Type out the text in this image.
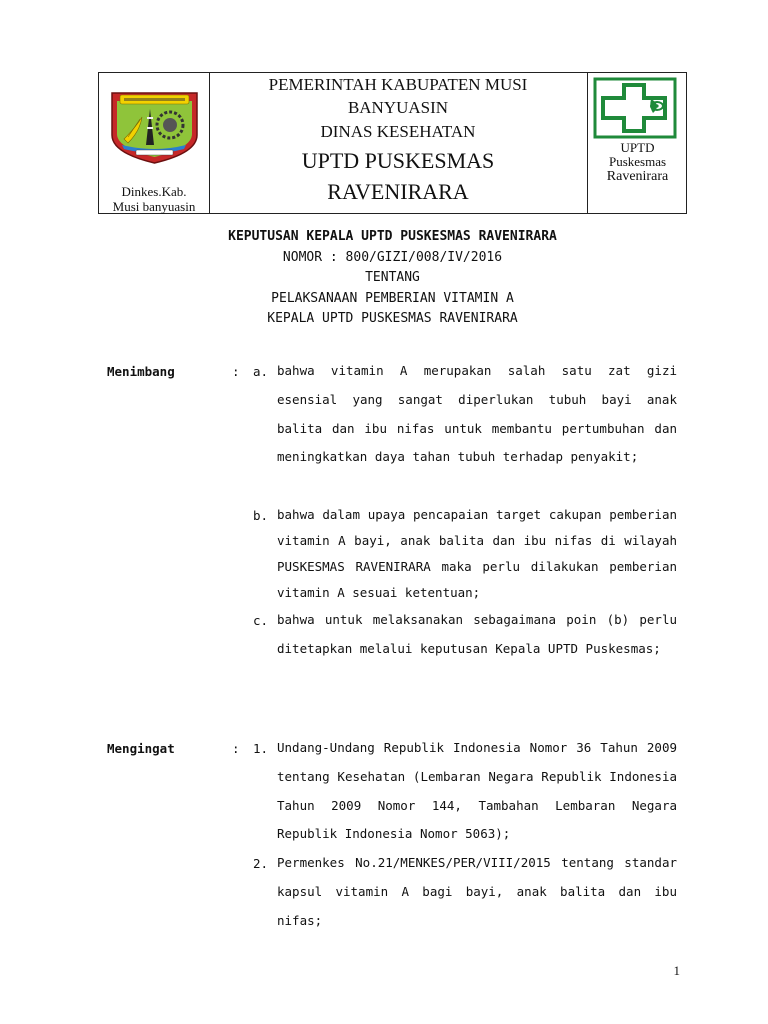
Dinkes.Kab.
Musi banyuasin
PEMERINTAH KABUPATEN MUSI
BANYUASIN
DINAS KESEHATAN
UPTD PUSKESMAS
RAVENIRARA
UPTD
Puskesmas
Ravenirara
KEPUTUSAN KEPALA UPTD PUSKESMAS RAVENIRARA
NOMOR : 800/GIZI/008/IV/2016
TENTANG
PELAKSANAAN PEMBERIAN VITAMIN A
KEPALA UPTD PUSKESMAS RAVENIRARA
Menimbang	: a. bahwa vitamin A merupakan salah satu zat gizi esensial yang sangat diperlukan tubuh bayi anak balita dan ibu nifas untuk membantu pertumbuhan dan meningkatkan daya tahan tubuh terhadap penyakit;
b. bahwa dalam upaya pencapaian target cakupan pemberian vitamin A bayi, anak balita dan ibu nifas di wilayah PUSKESMAS RAVENIRARA maka perlu dilakukan pemberian vitamin A sesuai ketentuan;
c. bahwa untuk melaksanakan sebagaimana poin (b) perlu ditetapkan melalui keputusan Kepala UPTD Puskesmas;
Mengingat	: 1. Undang-Undang Republik Indonesia Nomor 36 Tahun 2009 tentang Kesehatan (Lembaran Negara Republik Indonesia Tahun 2009 Nomor 144, Tambahan Lembaran Negara Republik Indonesia Nomor 5063);
2. Permenkes No.21/MENKES/PER/VIII/2015 tentang standar kapsul vitamin A bagi bayi, anak balita dan ibu nifas;
1
